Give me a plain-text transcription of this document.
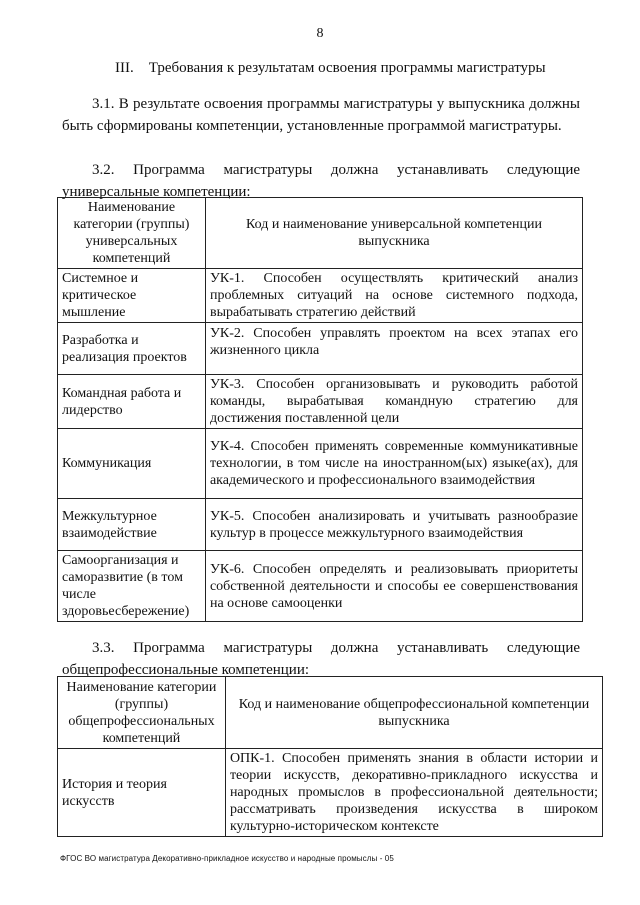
8
III.    Требования к результатам освоения программы магистратуры
3.1. В результате освоения программы магистратуры у выпускника должны быть сформированы компетенции, установленные программой магистратуры.
3.2. Программа магистратуры должна устанавливать следующие универсальные компетенции:
Наименование категории (группы) универсальных компетенций	Код и наименование универсальной компетенции выпускника
Системное и критическое мышление	УК-1. Способен осуществлять критический анализ проблемных ситуаций на основе системного подхода, вырабатывать стратегию действий
Разработка и реализация проектов	УК-2. Способен управлять проектом на всех этапах его жизненного цикла
Командная работа и лидерство	УК-3. Способен организовывать и руководить работой команды, вырабатывая командную стратегию для достижения поставленной цели
Коммуникация	УК-4. Способен применять современные коммуникативные технологии, в том числе на иностранном(ых) языке(ах), для академического и профессионального взаимодействия
Межкультурное взаимодействие	УК-5. Способен анализировать и учитывать разнообразие культур в процессе межкультурного взаимодействия
Самоорганизация и саморазвитие (в том числе здоровьесбережение)	УК-6. Способен определять и реализовывать приоритеты собственной деятельности и способы ее совершенствования на основе самооценки
3.3. Программа магистратуры должна устанавливать следующие общепрофессиональные компетенции:
Наименование категории (группы) общепрофессиональных компетенций	Код и наименование общепрофессиональной компетенции выпускника
История и теория искусств	ОПК-1. Способен применять знания в области истории и теории искусств, декоративно-прикладного искусства и народных промыслов в профессиональной деятельности; рассматривать произведения искусства в широком культурно-историческом контексте
ФГОС ВО магистратура Декоративно-прикладное искусство и народные промыслы - 05
